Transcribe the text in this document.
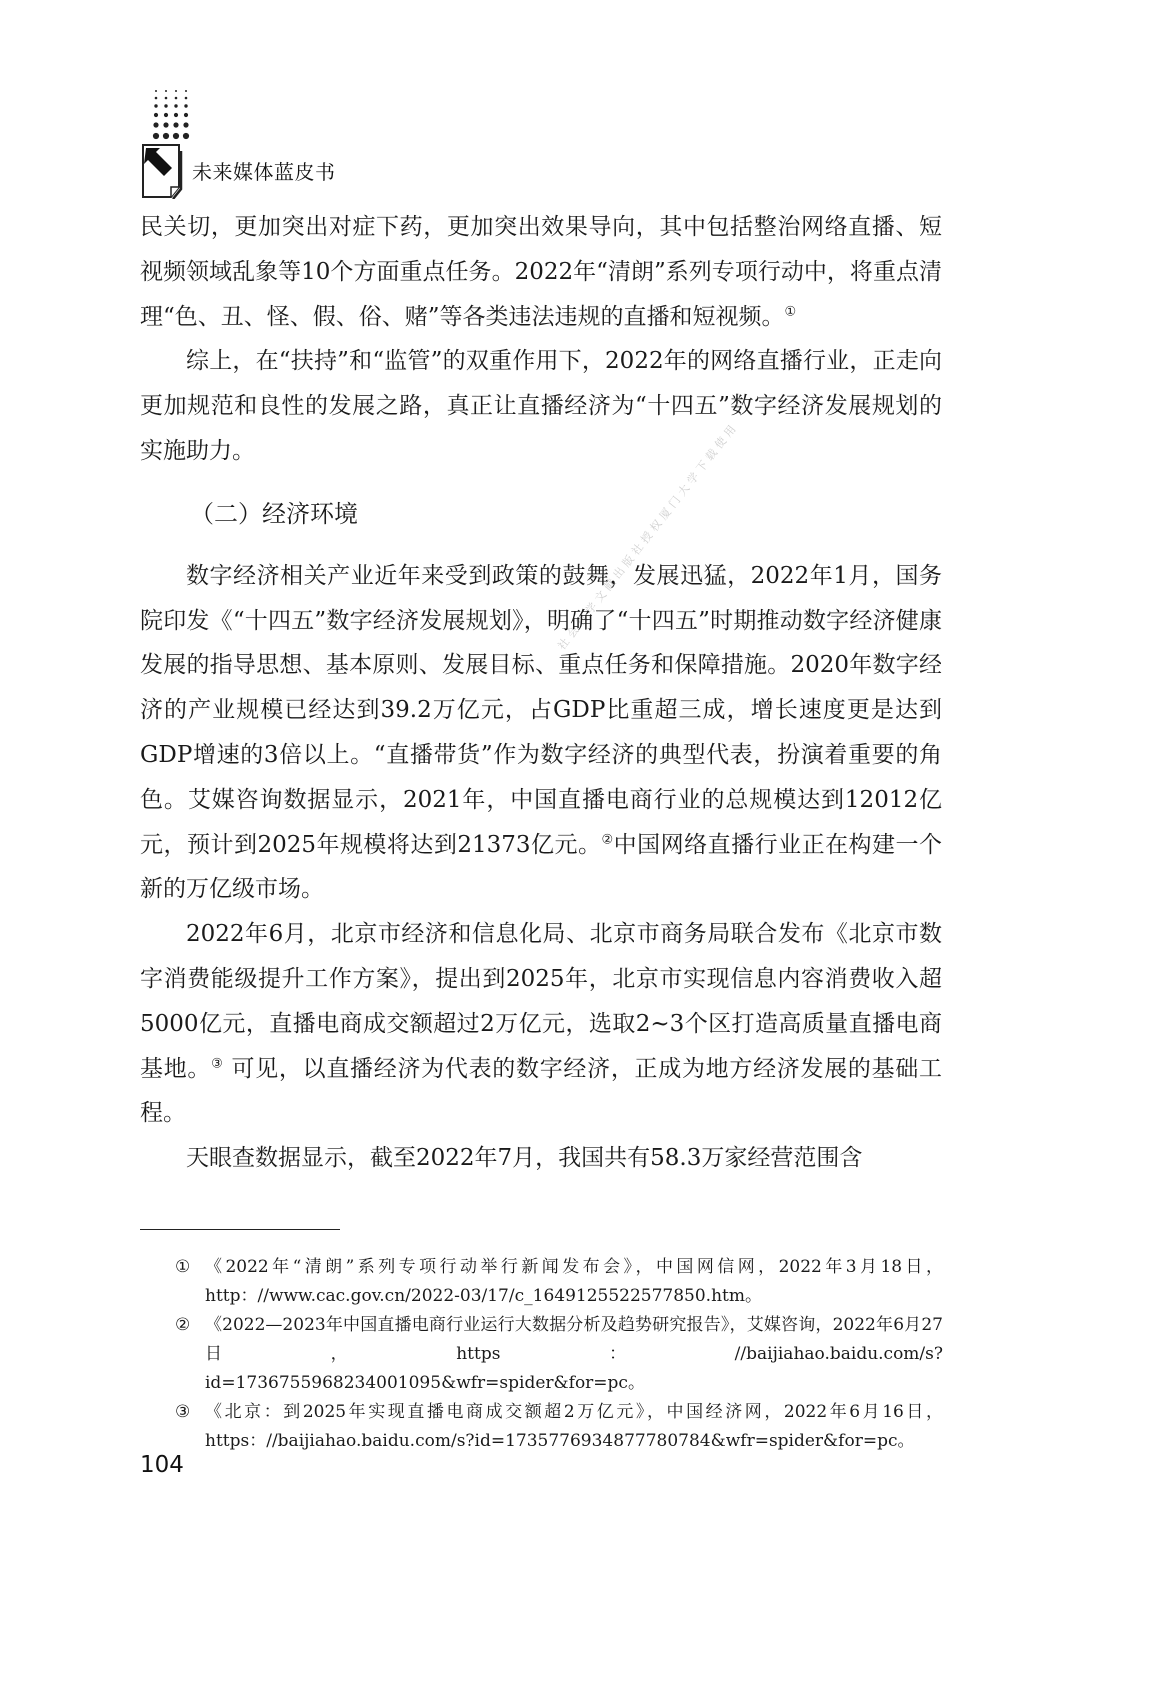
未来媒体蓝皮书
社会科学文献出版社授权厦门大学下载使用

民关切，更加突出对症下药，更加突出效果导向，其中包括整治网络直播、短视频领域乱象等10个方面重点任务。2022年“清朗”系列专项行动中，将重点清理“色、丑、怪、假、俗、赌”等各类违法违规的直播和短视频。①

综上，在“扶持”和“监管”的双重作用下，2022年的网络直播行业，正走向更加规范和良性的发展之路，真正让直播经济为“十四五”数字经济发展规划的实施助力。

（二）经济环境

数字经济相关产业近年来受到政策的鼓舞，发展迅猛，2022年1月，国务院印发《“十四五”数字经济发展规划》，明确了“十四五”时期推动数字经济健康发展的指导思想、基本原则、发展目标、重点任务和保障措施。2020年数字经济的产业规模已经达到39.2万亿元，占GDP比重超三成，增长速度更是达到GDP增速的3倍以上。“直播带货”作为数字经济的典型代表，扮演着重要的角色。艾媒咨询数据显示，2021年，中国直播电商行业的总规模达到12012亿元，预计到2025年规模将达到21373亿元。②中国网络直播行业正在构建一个新的万亿级市场。

2022年6月，北京市经济和信息化局、北京市商务局联合发布《北京市数字消费能级提升工作方案》，提出到2025年，北京市实现信息内容消费收入超5000亿元，直播电商成交额超过2万亿元，选取2~3个区打造高质量直播电商基地。③ 可见，以直播经济为代表的数字经济，正成为地方经济发展的基础工程。

天眼查数据显示，截至2022年7月，我国共有58.3万家经营范围含

① 《2022年“清朗”系列专项行动举行新闻发布会》，中国网信网，2022年3月18日，http：//www.cac.gov.cn/2022-03/17/c_1649125522577850.htm。
② 《2022—2023年中国直播电商行业运行大数据分析及趋势研究报告》，艾媒咨询，2022年6月27日，https：//baijiahao.baidu.com/s?id=1736755968234001095&wfr=spider&for=pc。
③ 《北京：到2025年实现直播电商成交额超2万亿元》，中国经济网，2022年6月16日，https：//baijiahao.baidu.com/s?id=1735776934877780784&wfr=spider&for=pc。
104
